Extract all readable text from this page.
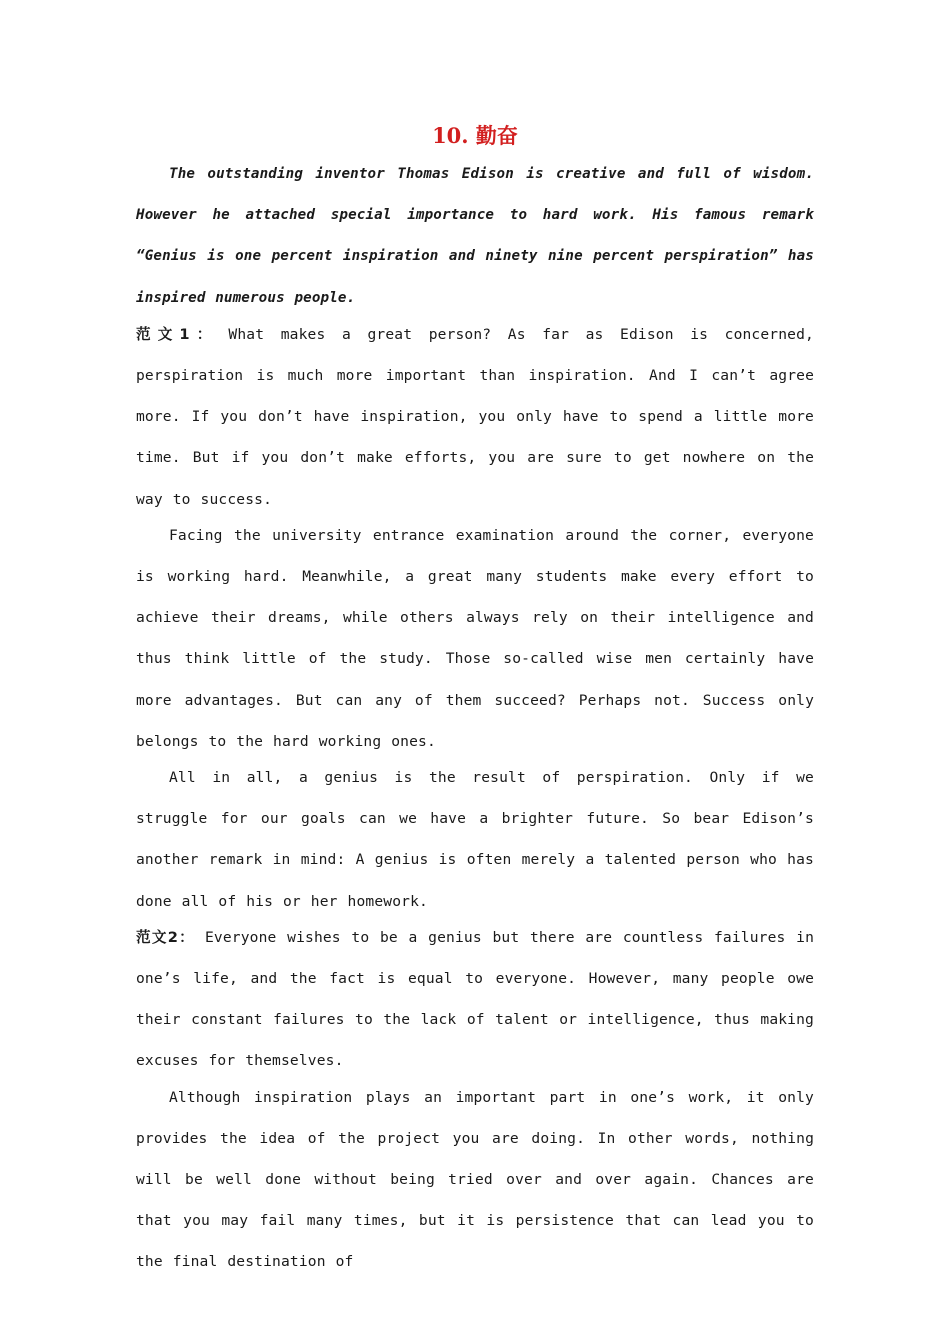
10. 勤奋

The outstanding inventor Thomas Edison is creative and full of wisdom. However he attached special importance to hard work. His famous remark “Genius is one percent inspiration and ninety nine percent perspiration” has inspired numerous people.

范文1： What makes a great person? As far as Edison is concerned, perspiration is much more important than inspiration. And I can’t agree more. If you don’t have inspiration, you only have to spend a little more time. But if you don’t make efforts, you are sure to get nowhere on the way to success.

Facing the university entrance examination around the corner, everyone is working hard. Meanwhile, a great many students make every effort to achieve their dreams, while others always rely on their intelligence and thus think little of the study. Those so-called wise men certainly have more advantages. But can any of them succeed? Perhaps not. Success only belongs to the hard working ones.

All in all, a genius is the result of perspiration. Only if we struggle for our goals can we have a brighter future. So bear Edison’s another remark in mind: A genius is often merely a talented person who has done all of his or her homework.

范文2： Everyone wishes to be a genius but there are countless failures in one’s life, and the fact is equal to everyone. However, many people owe their constant failures to the lack of talent or intelligence, thus making excuses for themselves.

Although inspiration plays an important part in one’s work, it only provides the idea of the project you are doing. In other words, nothing will be well done without being tried over and over again. Chances are that you may fail many times, but it is persistence that can lead you to the final destination of
